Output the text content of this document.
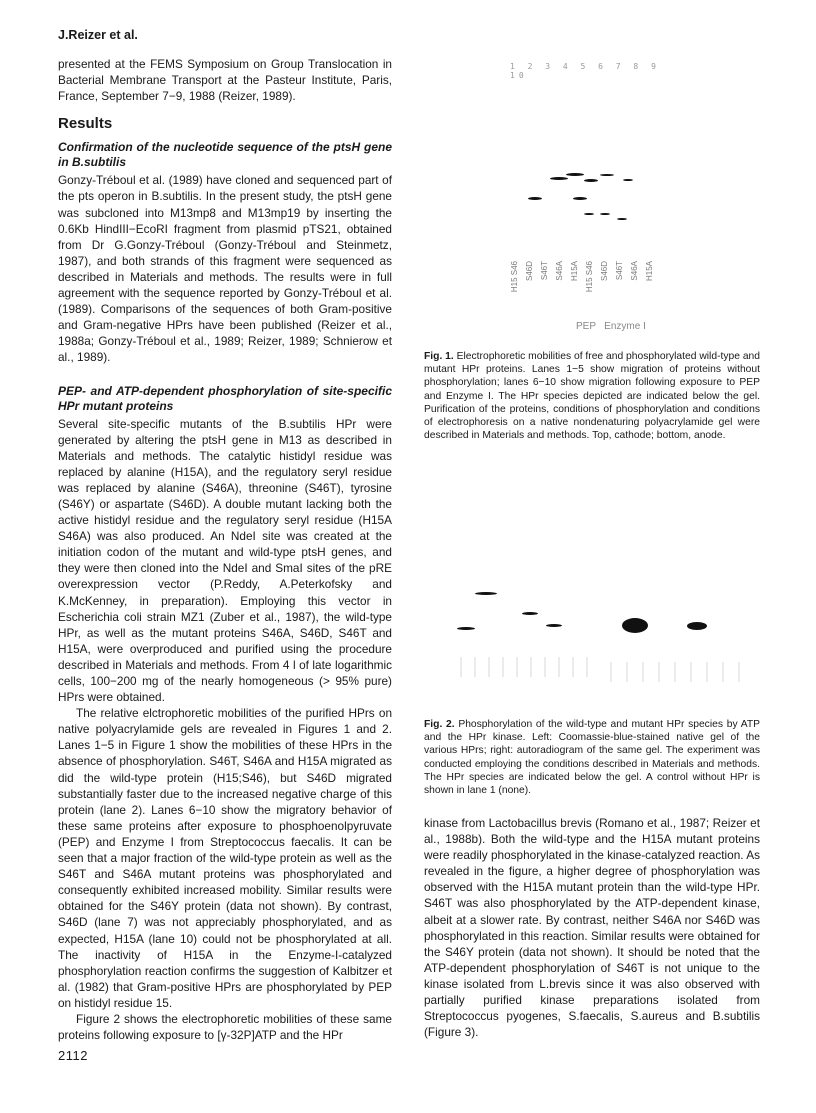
J.Reizer et al.

presented at the FEMS Symposium on Group Translocation in Bacterial Membrane Transport at the Pasteur Institute, Paris, France, September 7−9, 1988 (Reizer, 1989).

Results
Confirmation of the nucleotide sequence of the ptsH gene in B.subtilis

Gonzy-Tréboul et al. (1989) have cloned and sequenced part of the pts operon in B.subtilis. In the present study, the ptsH gene was subcloned into M13mp8 and M13mp19 by inserting the 0.6Kb HindIII−EcoRI fragment from plasmid pTS21, obtained from Dr G.Gonzy-Tréboul (Gonzy-Tréboul and Steinmetz, 1987), and both strands of this fragment were sequenced as described in Materials and methods. The results were in full agreement with the sequence reported by Gonzy-Tréboul et al. (1989). Comparisons of the sequences of both Gram-positive and Gram-negative HPrs have been published (Reizer et al., 1988a; Gonzy-Tréboul et al., 1989; Reizer, 1989; Schnierow et al., 1989).

PEP- and ATP-dependent phosphorylation of site-specific HPr mutant proteins

Several site-specific mutants of the B.subtilis HPr were generated by altering the ptsH gene in M13 as described in Materials and methods. The catalytic histidyl residue was replaced by alanine (H15A), and the regulatory seryl residue was replaced by alanine (S46A), threonine (S46T), tyrosine (S46Y) or aspartate (S46D). A double mutant lacking both the active histidyl residue and the regulatory seryl residue (H15A S46A) was also produced. An NdeI site was created at the initiation codon of the mutant and wild-type ptsH genes, and they were then cloned into the NdeI and SmaI sites of the pRE overexpression vector (P.Reddy, A.Peterkofsky and K.McKenney, in preparation). Employing this vector in Escherichia coli strain MZ1 (Zuber et al., 1987), the wild-type HPr, as well as the mutant proteins S46A, S46D, S46T and H15A, were overproduced and purified using the procedure described in Materials and methods. From 4 l of late logarithmic cells, 100−200 mg of the nearly homogeneous (> 95% pure) HPrs were obtained.

The relative elctrophoretic mobilities of the purified HPrs on native polyacrylamide gels are revealed in Figures 1 and 2. Lanes 1−5 in Figure 1 show the mobilities of these HPrs in the absence of phosphorylation. S46T, S46A and H15A migrated as did the wild-type protein (H15;S46), but S46D migrated substantially faster due to the increased negative charge of this protein (lane 2). Lanes 6−10 show the migratory behavior of these same proteins after exposure to phosphoenolpyruvate (PEP) and Enzyme I from Streptococcus faecalis. It can be seen that a major fraction of the wild-type protein as well as the S46T and S46A mutant proteins was phosphorylated and consequently exhibited increased mobility. Similar results were obtained for the S46Y protein (data not shown). By contrast, S46D (lane 7) was not appreciably phosphorylated, and as expected, H15A (lane 10) could not be phosphorylated at all. The inactivity of H15A in the Enzyme-I-catalyzed phosphorylation reaction confirms the suggestion of Kalbitzer et al. (1982) that Gram-positive HPrs are phosphorylated by PEP on histidyl residue 15.

Figure 2 shows the electrophoretic mobilities of these same proteins following exposure to [γ-32P]ATP and the HPr

2112
1 2 3 4 5 6 7 8 9 10
H15 S46 S46D S46T S46A H15A H15 S46 S46D S46T S46A H15A
PEP   Enzyme I
Fig. 1. Electrophoretic mobilities of free and phosphorylated wild-type and mutant HPr proteins. Lanes 1−5 show migration of proteins without phosphorylation; lanes 6−10 show migration following exposure to PEP and Enzyme I. The HPr species depicted are indicated below the gel. Purification of the proteins, conditions of phosphorylation and conditions of electrophoresis on a native nondenaturing polyacrylamide gel were described in Materials and methods. Top, cathode; bottom, anode.
Fig. 2. Phosphorylation of the wild-type and mutant HPr species by ATP and the HPr kinase. Left: Coomassie-blue-stained native gel of the various HPrs; right: autoradiogram of the same gel. The experiment was conducted employing the conditions described in Materials and methods. The HPr species are indicated below the gel. A control without HPr is shown in lane 1 (none).

kinase from Lactobacillus brevis (Romano et al., 1987; Reizer et al., 1988b). Both the wild-type and the H15A mutant proteins were readily phosphorylated in the kinase-catalyzed reaction. As revealed in the figure, a higher degree of phosphorylation was observed with the H15A mutant protein than the wild-type HPr. S46T was also phosphorylated by the ATP-dependent kinase, albeit at a slower rate. By contrast, neither S46A nor S46D was phosphorylated in this reaction. Similar results were obtained for the S46Y protein (data not shown). It should be noted that the ATP-dependent phosphorylation of S46T is not unique to the kinase isolated from L.brevis since it was also observed with partially purified kinase preparations isolated from Streptococcus pyogenes, S.faecalis, S.aureus and B.subtilis (Figure 3).
